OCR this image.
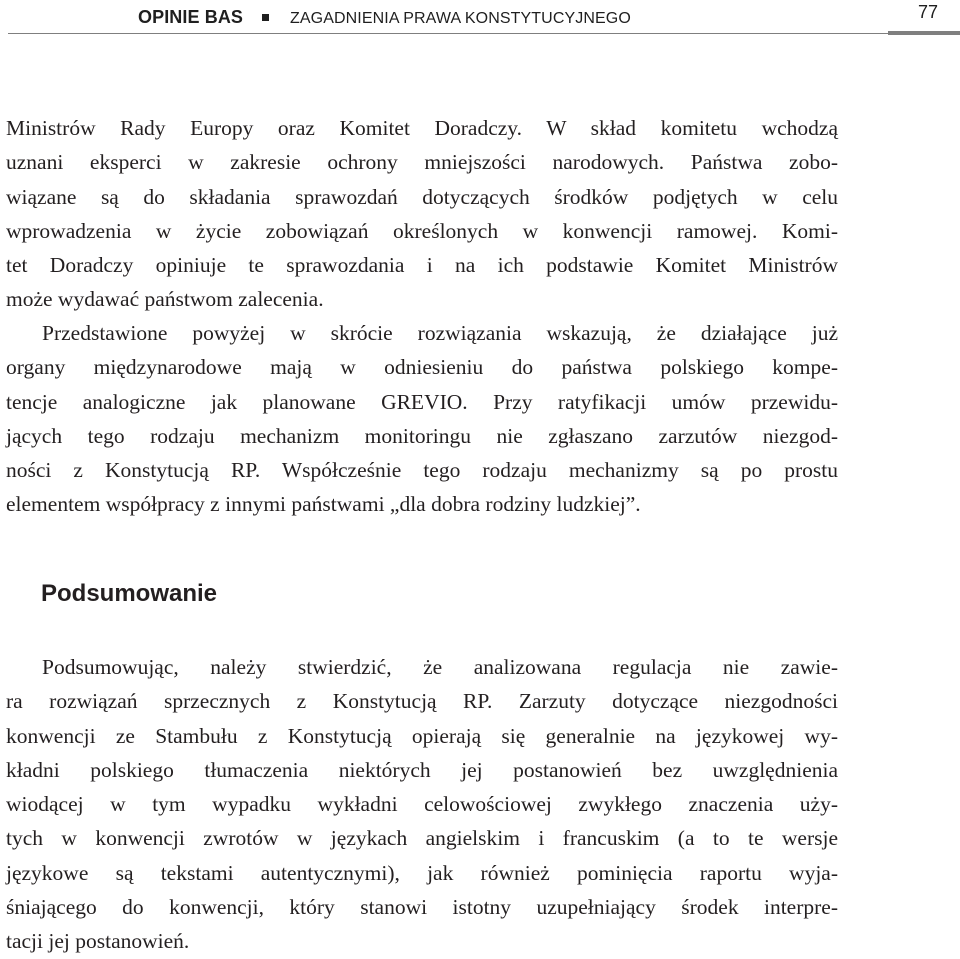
OPINIE BAS	ZAGADNIENIA PRAWA KONSTYTUCYJNEGO	77

Ministrów Rady Europy oraz Komitet Doradczy. W skład komitetu wchodzą
uznani eksperci w zakresie ochrony mniejszości narodowych. Państwa zobo-
wiązane są do składania sprawozdań dotyczących środków podjętych w celu
wprowadzenia w życie zobowiązań określonych w konwencji ramowej. Komi-
tet Doradczy opiniuje te sprawozdania i na ich podstawie Komitet Ministrów
może wydawać państwom zalecenia.

Przedstawione powyżej w skrócie rozwiązania wskazują, że działające już
organy międzynarodowe mają w odniesieniu do państwa polskiego kompe-
tencje analogiczne jak planowane GREVIO. Przy ratyfikacji umów przewidu-
jących tego rodzaju mechanizm monitoringu nie zgłaszano zarzutów niezgod-
ności z Konstytucją RP. Współcześnie tego rodzaju mechanizmy są po prostu
elementem współpracy z innymi państwami „dla dobra rodziny ludzkiej”.

Podsumowanie

Podsumowując, należy stwierdzić, że analizowana regulacja nie zawie-
ra rozwiązań sprzecznych z Konstytucją RP. Zarzuty dotyczące niezgodności
konwencji ze Stambułu z Konstytucją opierają się generalnie na językowej wy-
kładni polskiego tłumaczenia niektórych jej postanowień bez uwzględnienia
wiodącej w tym wypadku wykładni celowościowej zwykłego znaczenia uży-
tych w konwencji zwrotów w językach angielskim i francuskim (a to te wersje
językowe są tekstami autentycznymi), jak również pominięcia raportu wyja-
śniającego do konwencji, który stanowi istotny uzupełniający środek interpre-
tacji jej postanowień.
